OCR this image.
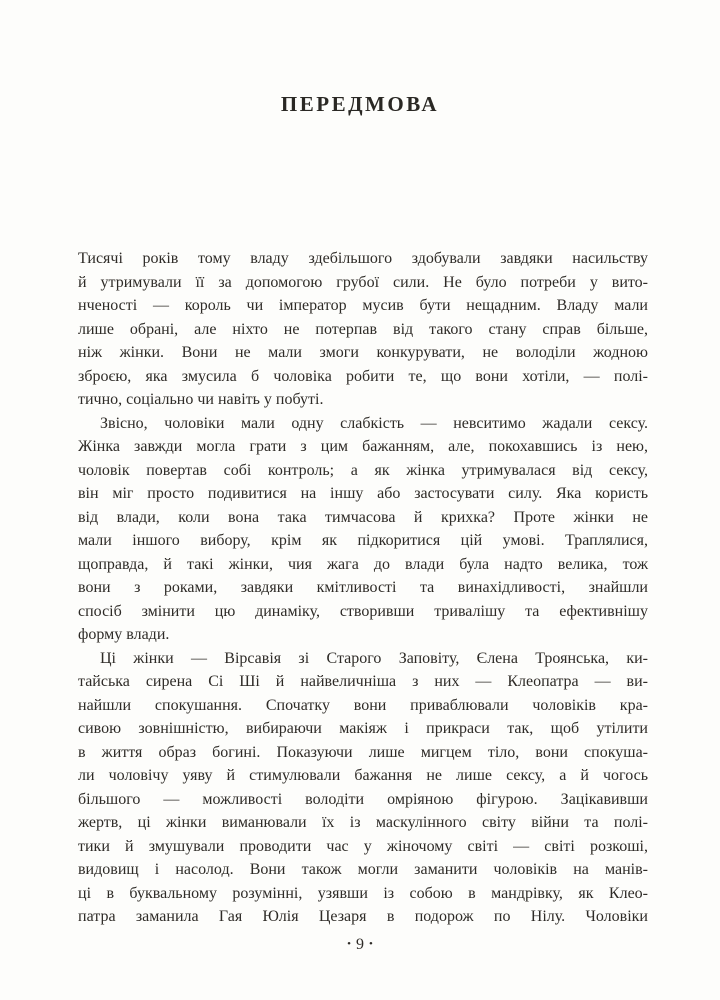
ПЕРЕДМОВА
Тисячі років тому владу здебільшого здобували завдяки насильству
й утримували її за допомогою грубої сили. Не було потреби у вито-
нченості — король чи імператор мусив бути нещадним. Владу мали
лише обрані, але ніхто не потерпав від такого стану справ більше,
ніж жінки. Вони не мали змоги конкурувати, не володіли жодною
зброєю, яка змусила б чоловіка робити те, що вони хотіли, — полі-
тично, соціально чи навіть у побуті.
Звісно, чоловіки мали одну слабкість — невситимо жадали сексу.
Жінка завжди могла грати з цим бажанням, але, покохавшись із нею,
чоловік повертав собі контроль; а як жінка утримувалася від сексу,
він міг просто подивитися на іншу або застосувати силу. Яка користь
від влади, коли вона така тимчасова й крихка? Проте жінки не
мали іншого вибору, крім як підкоритися цій умові. Траплялися,
щоправда, й такі жінки, чия жага до влади була надто велика, тож
вони з роками, завдяки кмітливості та винахідливості, знайшли
спосіб змінити цю динаміку, створивши тривалішу та ефективнішу
форму влади.
Ці жінки — Вірсавія зі Старого Заповіту, Єлена Троянська, ки-
тайська сирена Сі Ші й найвеличніша з них — Клеопатра — ви-
найшли спокушання. Спочатку вони приваблювали чоловіків кра-
сивою зовнішністю, вибираючи макіяж і прикраси так, щоб утілити
в життя образ богині. Показуючи лише мигцем тіло, вони спокуша-
ли чоловічу уяву й стимулювали бажання не лише сексу, а й чогось
більшого — можливості володіти омріяною фігурою. Зацікавивши
жертв, ці жінки виманювали їх із маскулінного світу війни та полі-
тики й змушували проводити час у жіночому світі — світі розкоші,
видовищ і насолод. Вони також могли заманити чоловіків на манів-
ці в буквальному розумінні, узявши із собою в мандрівку, як Клео-
патра заманила Гая Юлія Цезаря в подорож по Нілу. Чоловіки
• 9 •
